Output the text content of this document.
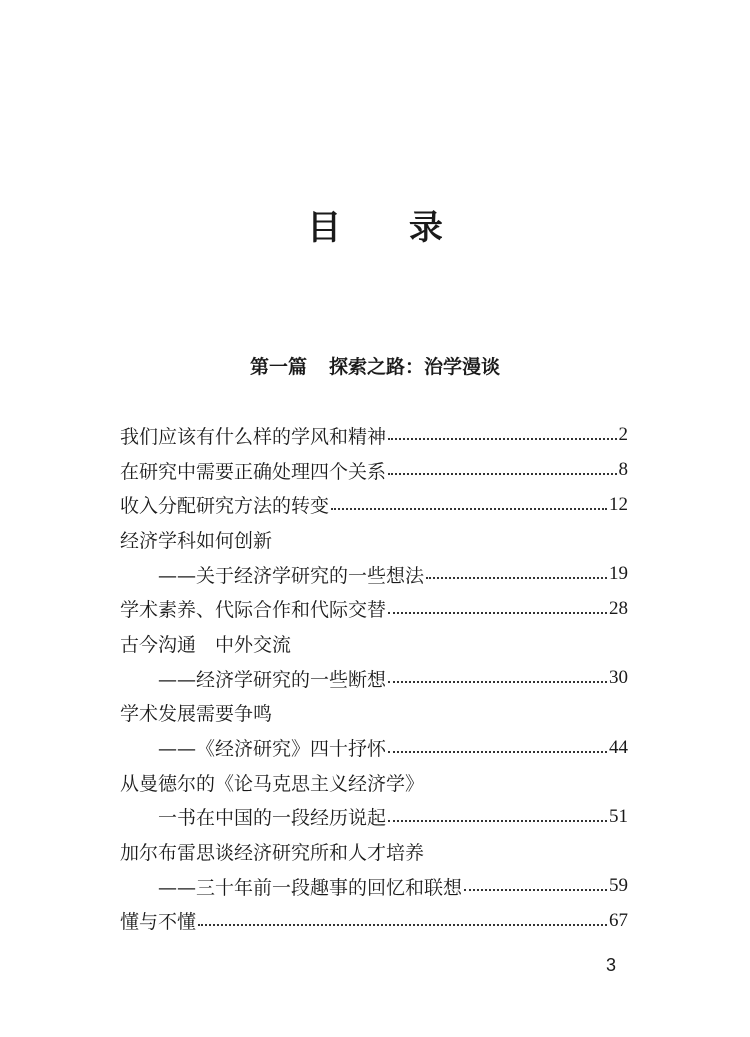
目 录
第一篇 探索之路：治学漫谈
我们应该有什么样的学风和精神	2
在研究中需要正确处理四个关系	8
收入分配研究方法的转变	12
经济学科如何创新
——关于经济学研究的一些想法	19
学术素养、代际合作和代际交替	28
古今沟通　中外交流
——经济学研究的一些断想	30
学术发展需要争鸣
——《经济研究》四十抒怀	44
从曼德尔的《论马克思主义经济学》
一书在中国的一段经历说起	51
加尔布雷思谈经济研究所和人才培养
——三十年前一段趣事的回忆和联想	59
懂与不懂	67
3
